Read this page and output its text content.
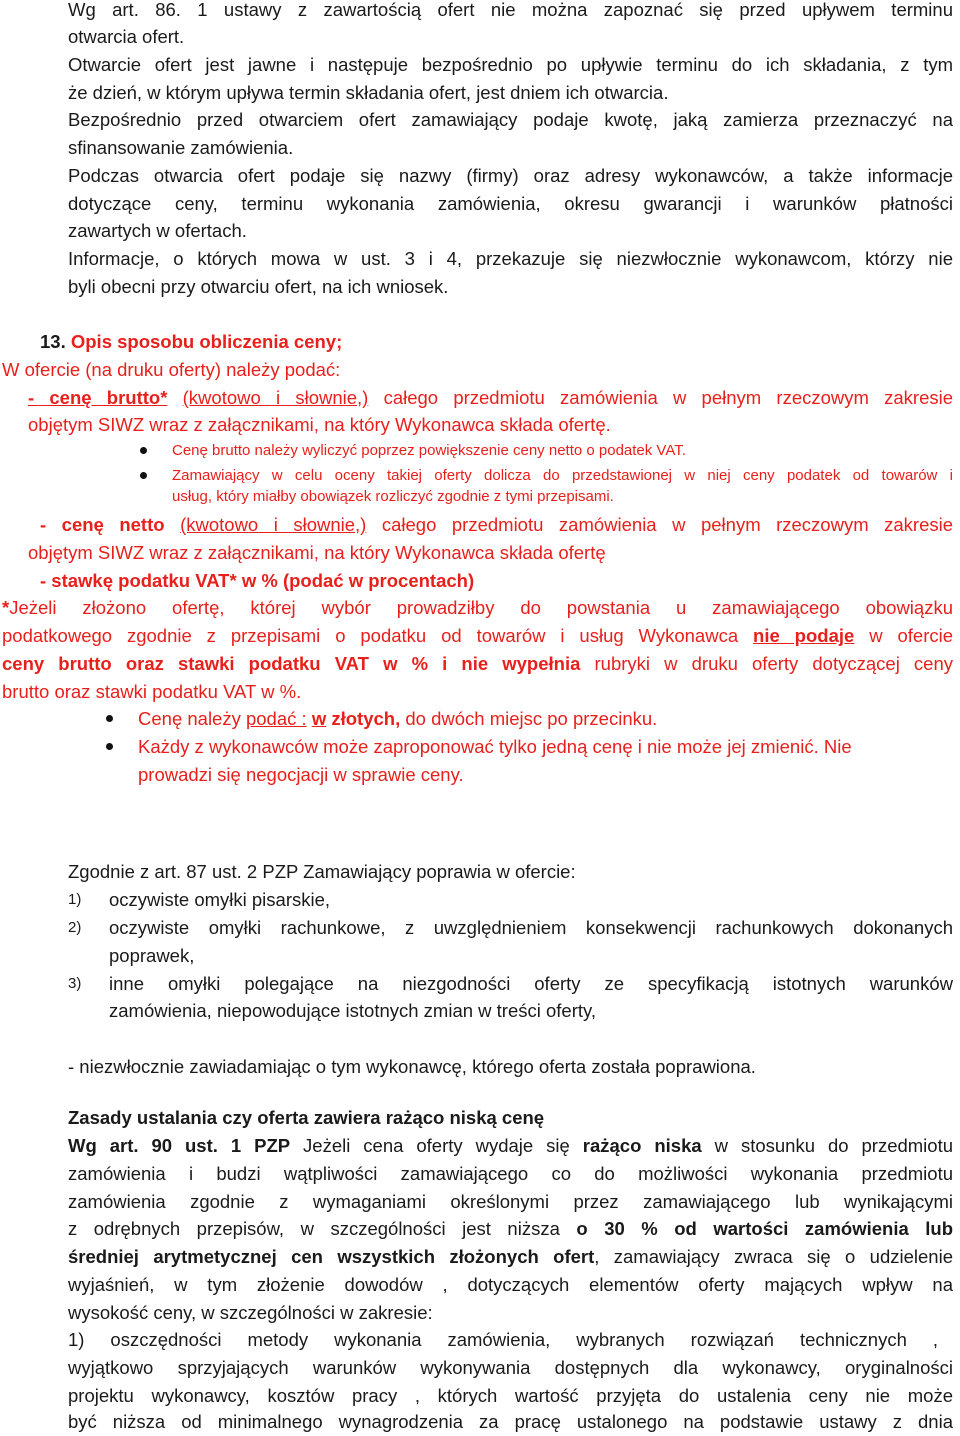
Wg art. 86. 1 ustawy z zawartością ofert nie można zapoznać się przed upływem terminu
otwarcia ofert.
Otwarcie ofert jest jawne i następuje bezpośrednio po upływie terminu do ich składania, z tym
że dzień, w którym upływa termin składania ofert, jest dniem ich otwarcia.
Bezpośrednio przed otwarciem ofert zamawiający podaje kwotę, jaką zamierza przeznaczyć na
sfinansowanie zamówienia.
Podczas otwarcia ofert podaje się nazwy (firmy) oraz adresy wykonawców, a także informacje
dotyczące ceny, terminu wykonania zamówienia, okresu gwarancji i warunków płatności
zawartych w ofertach.
Informacje, o których mowa w ust. 3 i 4, przekazuje się niezwłocznie wykonawcom, którzy nie
byli obecni przy otwarciu ofert, na ich wniosek.
13. Opis sposobu obliczenia ceny;
W ofercie (na druku oferty) należy podać:
- cenę brutto* (kwotowo i słownie,) całego przedmiotu zamówienia w pełnym rzeczowym zakresie
objętym SIWZ wraz z załącznikami, na który Wykonawca składa ofertę.
Cenę brutto należy wyliczyć poprzez powiększenie ceny netto o podatek VAT.
Zamawiający w celu oceny takiej oferty dolicza do przedstawionej w niej ceny podatek od towarów i
usług, który miałby obowiązek rozliczyć zgodnie z tymi przepisami.
- cenę netto (kwotowo i słownie,) całego przedmiotu zamówienia w pełnym rzeczowym zakresie
objętym SIWZ wraz z załącznikami, na który Wykonawca składa ofertę
- stawkę podatku VAT* w % (podać w procentach)
*Jeżeli złożono ofertę, której wybór prowadziłby do powstania u zamawiającego obowiązku
podatkowego zgodnie z przepisami o podatku od towarów i usług Wykonawca nie podaje w ofercie
ceny brutto oraz stawki podatku VAT w % i nie wypełnia rubryki w druku oferty dotyczącej ceny
brutto oraz stawki podatku VAT w %.
Cenę należy podać : w złotych, do dwóch miejsc po przecinku.
Każdy z wykonawców może zaproponować tylko jedną cenę i nie może jej zmienić. Nie
prowadzi się negocjacji w sprawie ceny.
Zgodnie z art. 87 ust. 2 PZP Zamawiający poprawia w ofercie:
1) oczywiste omyłki pisarskie,
2) oczywiste omyłki rachunkowe, z uwzględnieniem konsekwencji rachunkowych dokonanych
poprawek,
3) inne omyłki polegające na niezgodności oferty ze specyfikacją istotnych warunków
zamówienia, niepowodujące istotnych zmian w treści oferty,
- niezwłocznie zawiadamiając o tym wykonawcę, którego oferta została poprawiona.
Zasady ustalania czy oferta zawiera rażąco niską cenę
Wg art. 90 ust. 1 PZP Jeżeli cena oferty wydaje się rażąco niska w stosunku do przedmiotu
zamówienia i budzi wątpliwości zamawiającego co do możliwości wykonania przedmiotu
zamówienia zgodnie z wymaganiami określonymi przez zamawiającego lub wynikającymi
z odrębnych przepisów, w szczególności jest niższa o 30 % od wartości zamówienia lub
średniej arytmetycznej cen wszystkich złożonych ofert, zamawiający zwraca się o udzielenie
wyjaśnień, w tym złożenie dowodów , dotyczących elementów oferty mających wpływ na
wysokość ceny, w szczególności w zakresie:
1) oszczędności metody wykonania zamówienia, wybranych rozwiązań technicznych ,
wyjątkowo sprzyjających warunków wykonywania dostępnych dla wykonawcy, oryginalności
projektu wykonawcy, kosztów pracy , których wartość przyjęta do ustalenia ceny nie może
być niższa od minimalnego wynagrodzenia za pracę ustalonego na podstawie ustawy z dnia
